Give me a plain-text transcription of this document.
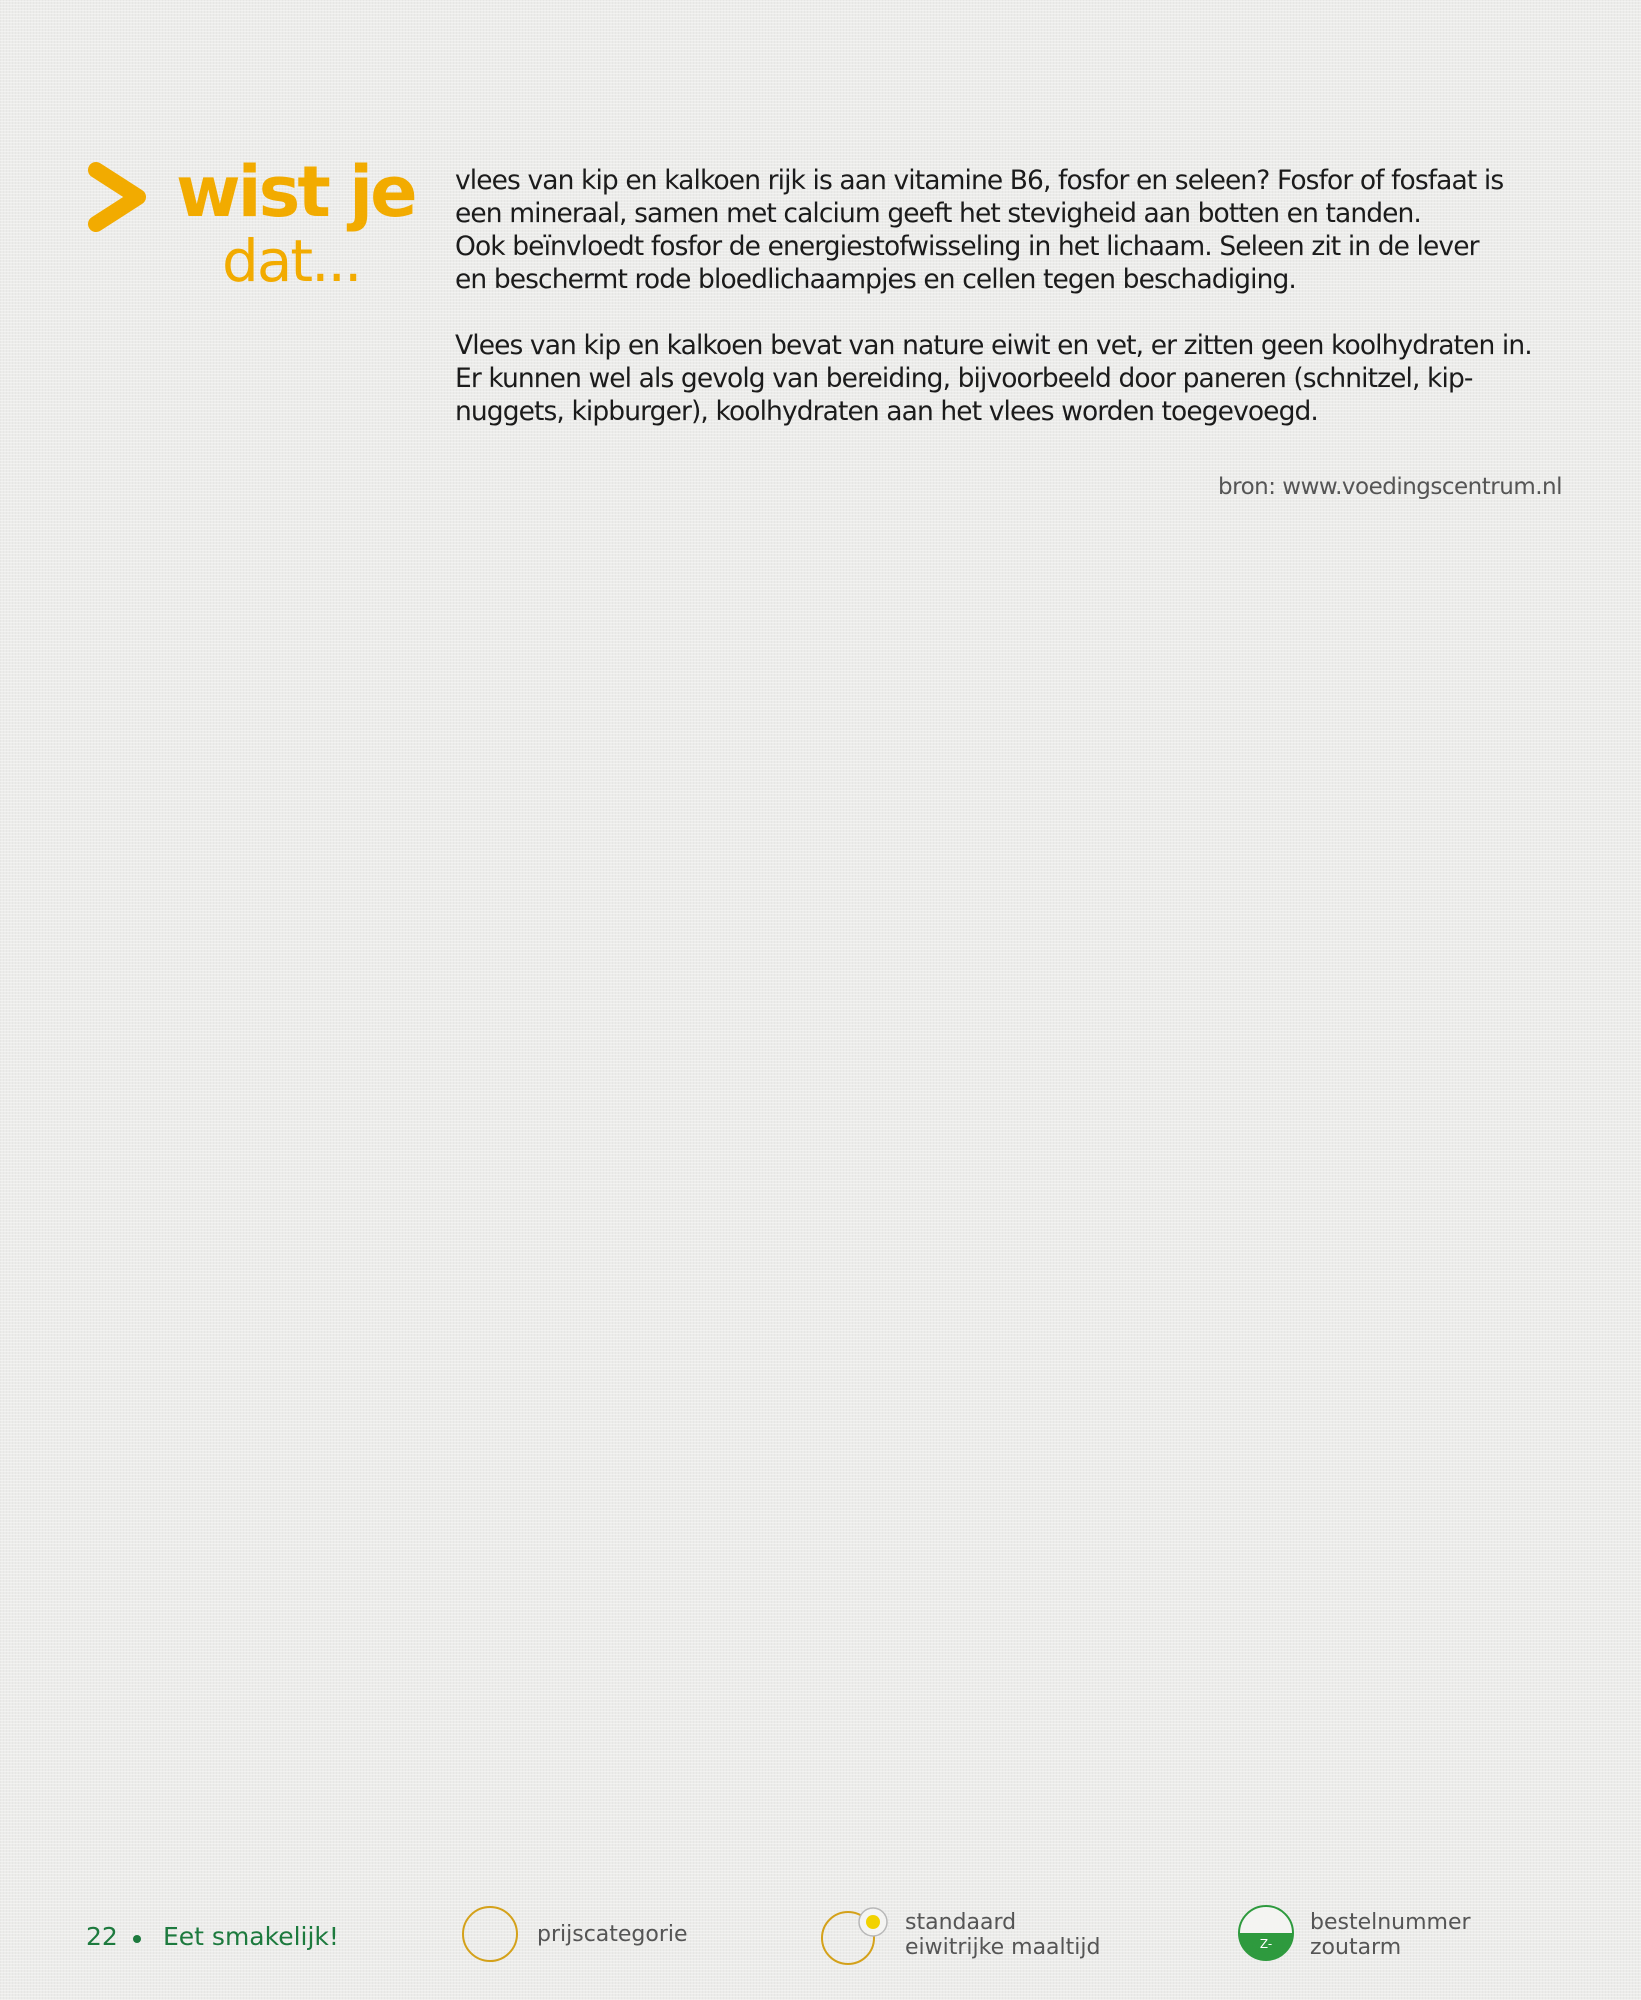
wist je
dat...

vlees van kip en kalkoen rijk is aan vitamine B6, fosfor en seleen? Fosfor of fosfaat is

een mineraal, samen met calcium geeft het stevigheid aan botten en tanden.

Ook beïnvloedt fosfor de energiestofwisseling in het lichaam. Seleen zit in de lever

en beschermt rode bloedlichaampjes en cellen tegen beschadiging.

Vlees van kip en kalkoen bevat van nature eiwit en vet, er zitten geen koolhydraten in.

Er kunnen wel als gevolg van bereiding, bijvoorbeeld door paneren (schnitzel, kip-

nuggets, kipburger), koolhydraten aan het vlees worden toegevoegd.

bron: www.voedingscentrum.nl
22 Eet smakelijk!	prijscategorie	standaard
eiwitrijke maaltijd	Z-
bestelnummer
zoutarm
